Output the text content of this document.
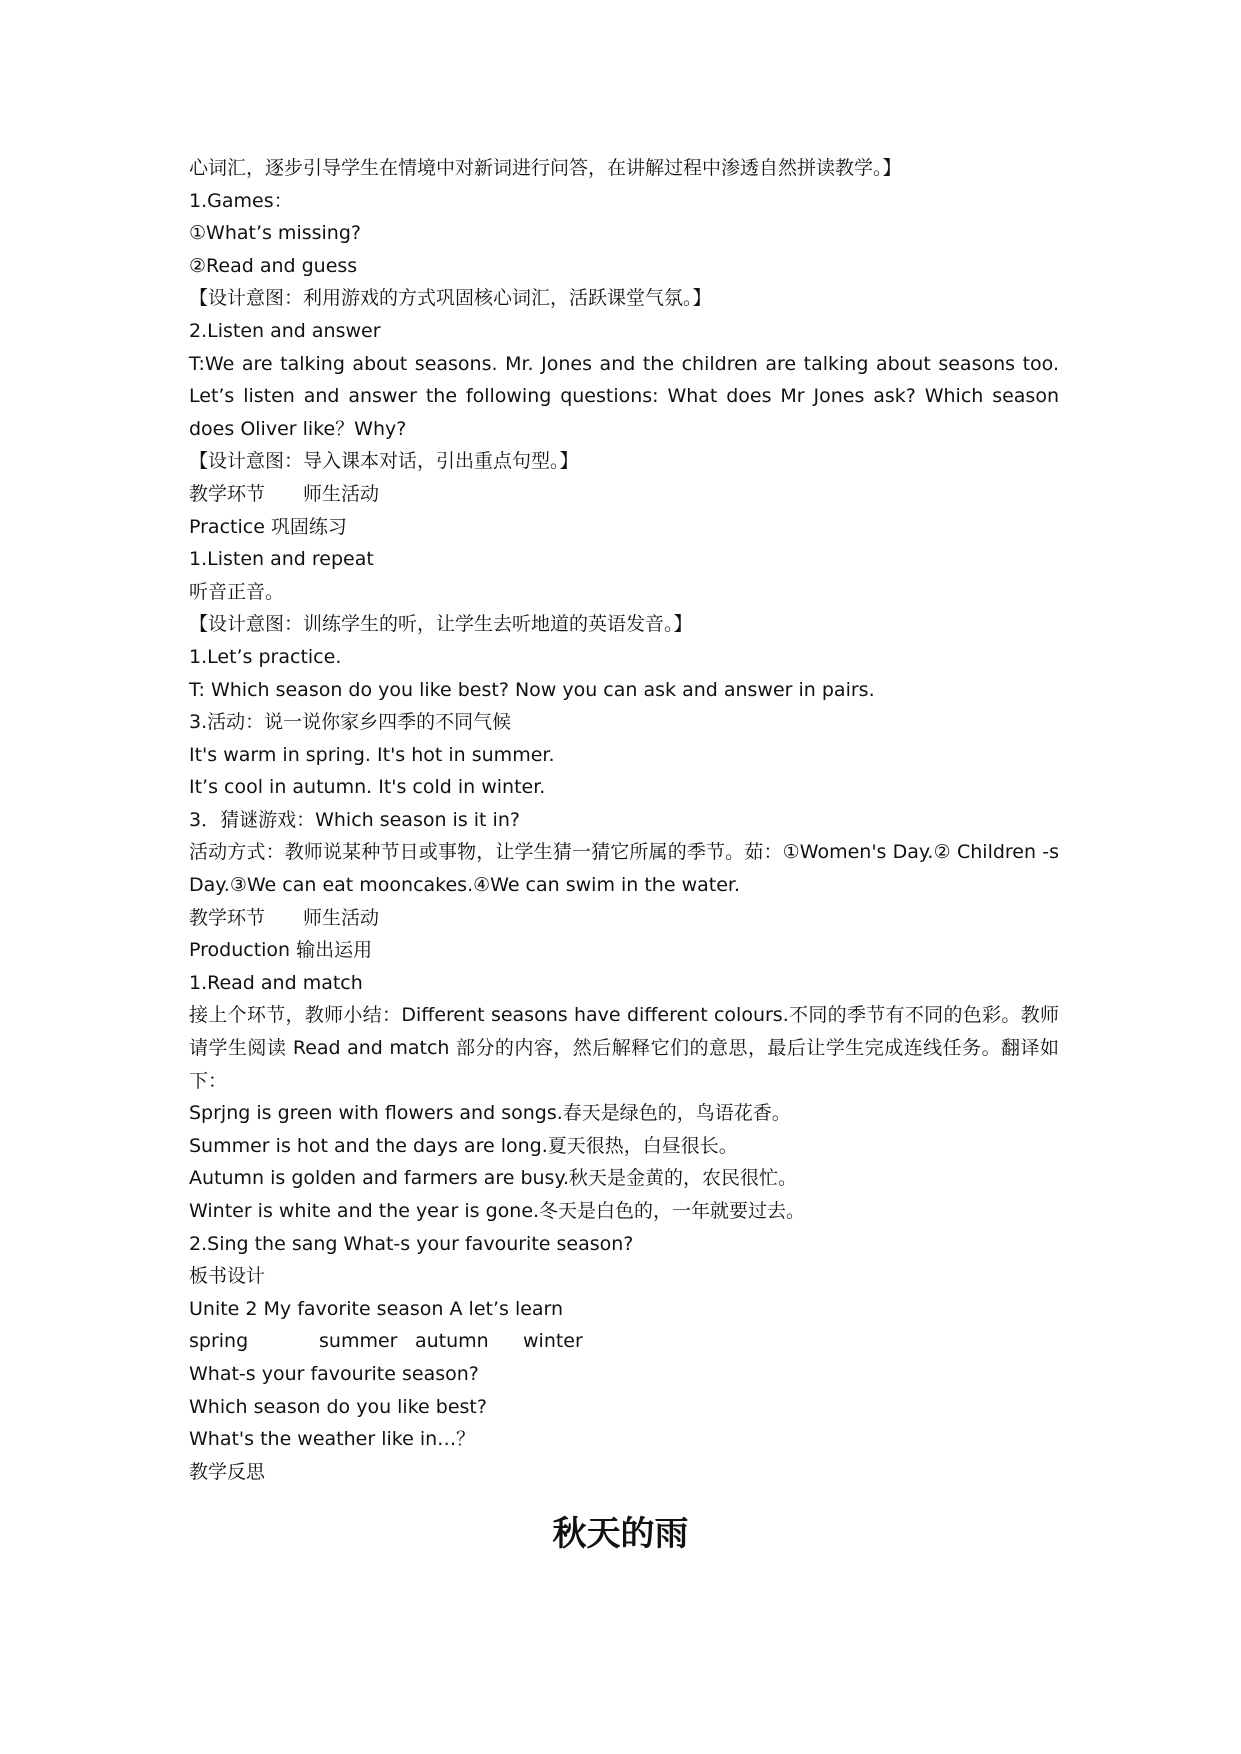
心词汇，逐步引导学生在情境中对新词进行问答，在讲解过程中渗透自然拼读教学。】
1.Games：
①What’s missing?
②Read and guess
【设计意图：利用游戏的方式巩固核心词汇，活跃课堂气氛。】
2.Listen and answer
T:We are talking about seasons. Mr. Jones and the children are talking about seasons too. Let’s listen and answer the following questions: What does Mr Jones ask? Which season does Oliver like？Why?
【设计意图：导入课本对话，引出重点句型。】
教学环节　　师生活动
Practice 巩固练习
1.Listen and repeat
听音正音。
【设计意图：训练学生的听，让学生去听地道的英语发音。】
1.Let’s practice.
T: Which season do you like best? Now you can ask and answer in pairs.
3.活动：说一说你家乡四季的不同气候
It's warm in spring. It's hot in summer.
It’s cool in autumn. It's cold in winter.
3．猜谜游戏：Which season is it in?
活动方式：教师说某种节日或事物，让学生猜一猜它所属的季节。茹：①Women's Day.② Children -s　Day.③We can eat mooncakes.④We can swim in the water.
教学环节　　师生活动
Production 输出运用
1.Read and match
接上个环节，教师小结：Different seasons have different colours.不同的季节有不同的色彩。教师请学生阅读 Read and match 部分的内容，然后解释它们的意思，最后让学生完成连线任务。翻译如下：
Sprjng is green with flowers and songs.春天是绿色的，鸟语花香。
Summer is hot and the days are long.夏天很热，白昼很长。
Autumn is golden and farmers are busy.秋天是金黄的，农民很忙。
Winter is white and the year is gone.冬天是白色的，一年就要过去。
2.Sing the sang What-s your favourite season?
板书设计
Unite 2 My favorite season A let’s learn
spring	summer autumn winter
What-s your favourite season?
Which season do you like best?
What's the weather like in…？
教学反思
秋天的雨
